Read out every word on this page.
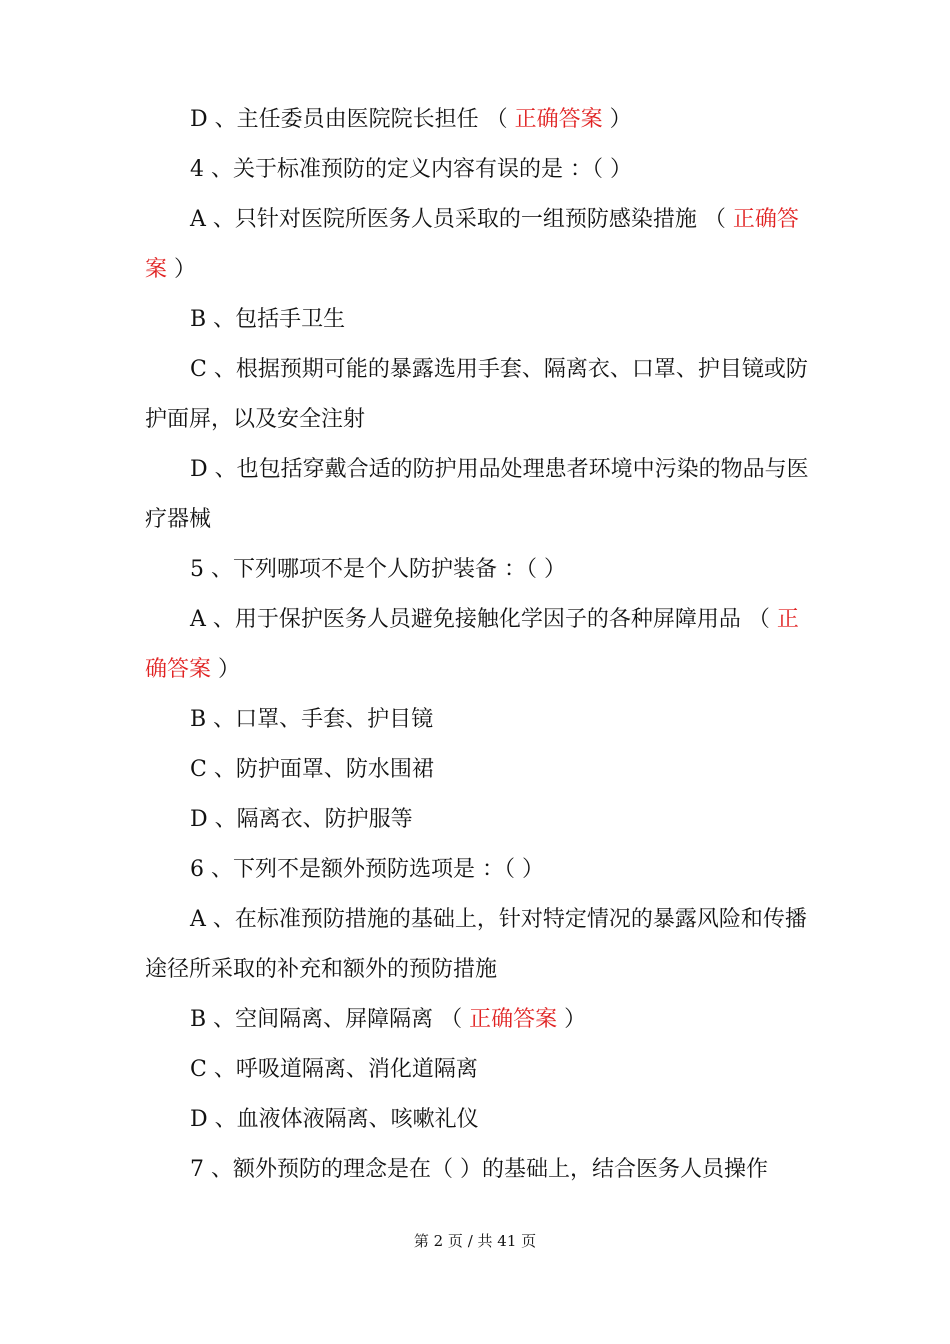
D 、主任委员由医院院长担任 （ 正确答案 ）
4 、关于标准预防的定义内容有误的是 ：（ ）
A 、只针对医院所医务人员采取的一组预防感染措施 （ 正确答
案 ）
B 、包括手卫生
C 、根据预期可能的暴露选用手套、隔离衣、口罩、护目镜或防
护面屏，以及安全注射
D 、也包括穿戴合适的防护用品处理患者环境中污染的物品与医
疗器械
5 、下列哪项不是个人防护装备 ：（ ）
A 、用于保护医务人员避免接触化学因子的各种屏障用品 （ 正
确答案 ）
B 、口罩、手套、护目镜
C 、防护面罩、防水围裙
D 、隔离衣、防护服等
6 、下列不是额外预防选项是 ：（ ）
A 、在标准预防措施的基础上，针对特定情况的暴露风险和传播
途径所采取的补充和额外的预防措施
B 、空间隔离、屏障隔离 （ 正确答案 ）
C 、呼吸道隔离、消化道隔离
D 、血液体液隔离、咳嗽礼仪
7 、额外预防的理念是在（ ）的基础上，结合医务人员操作
第 2 页 / 共 41 页
